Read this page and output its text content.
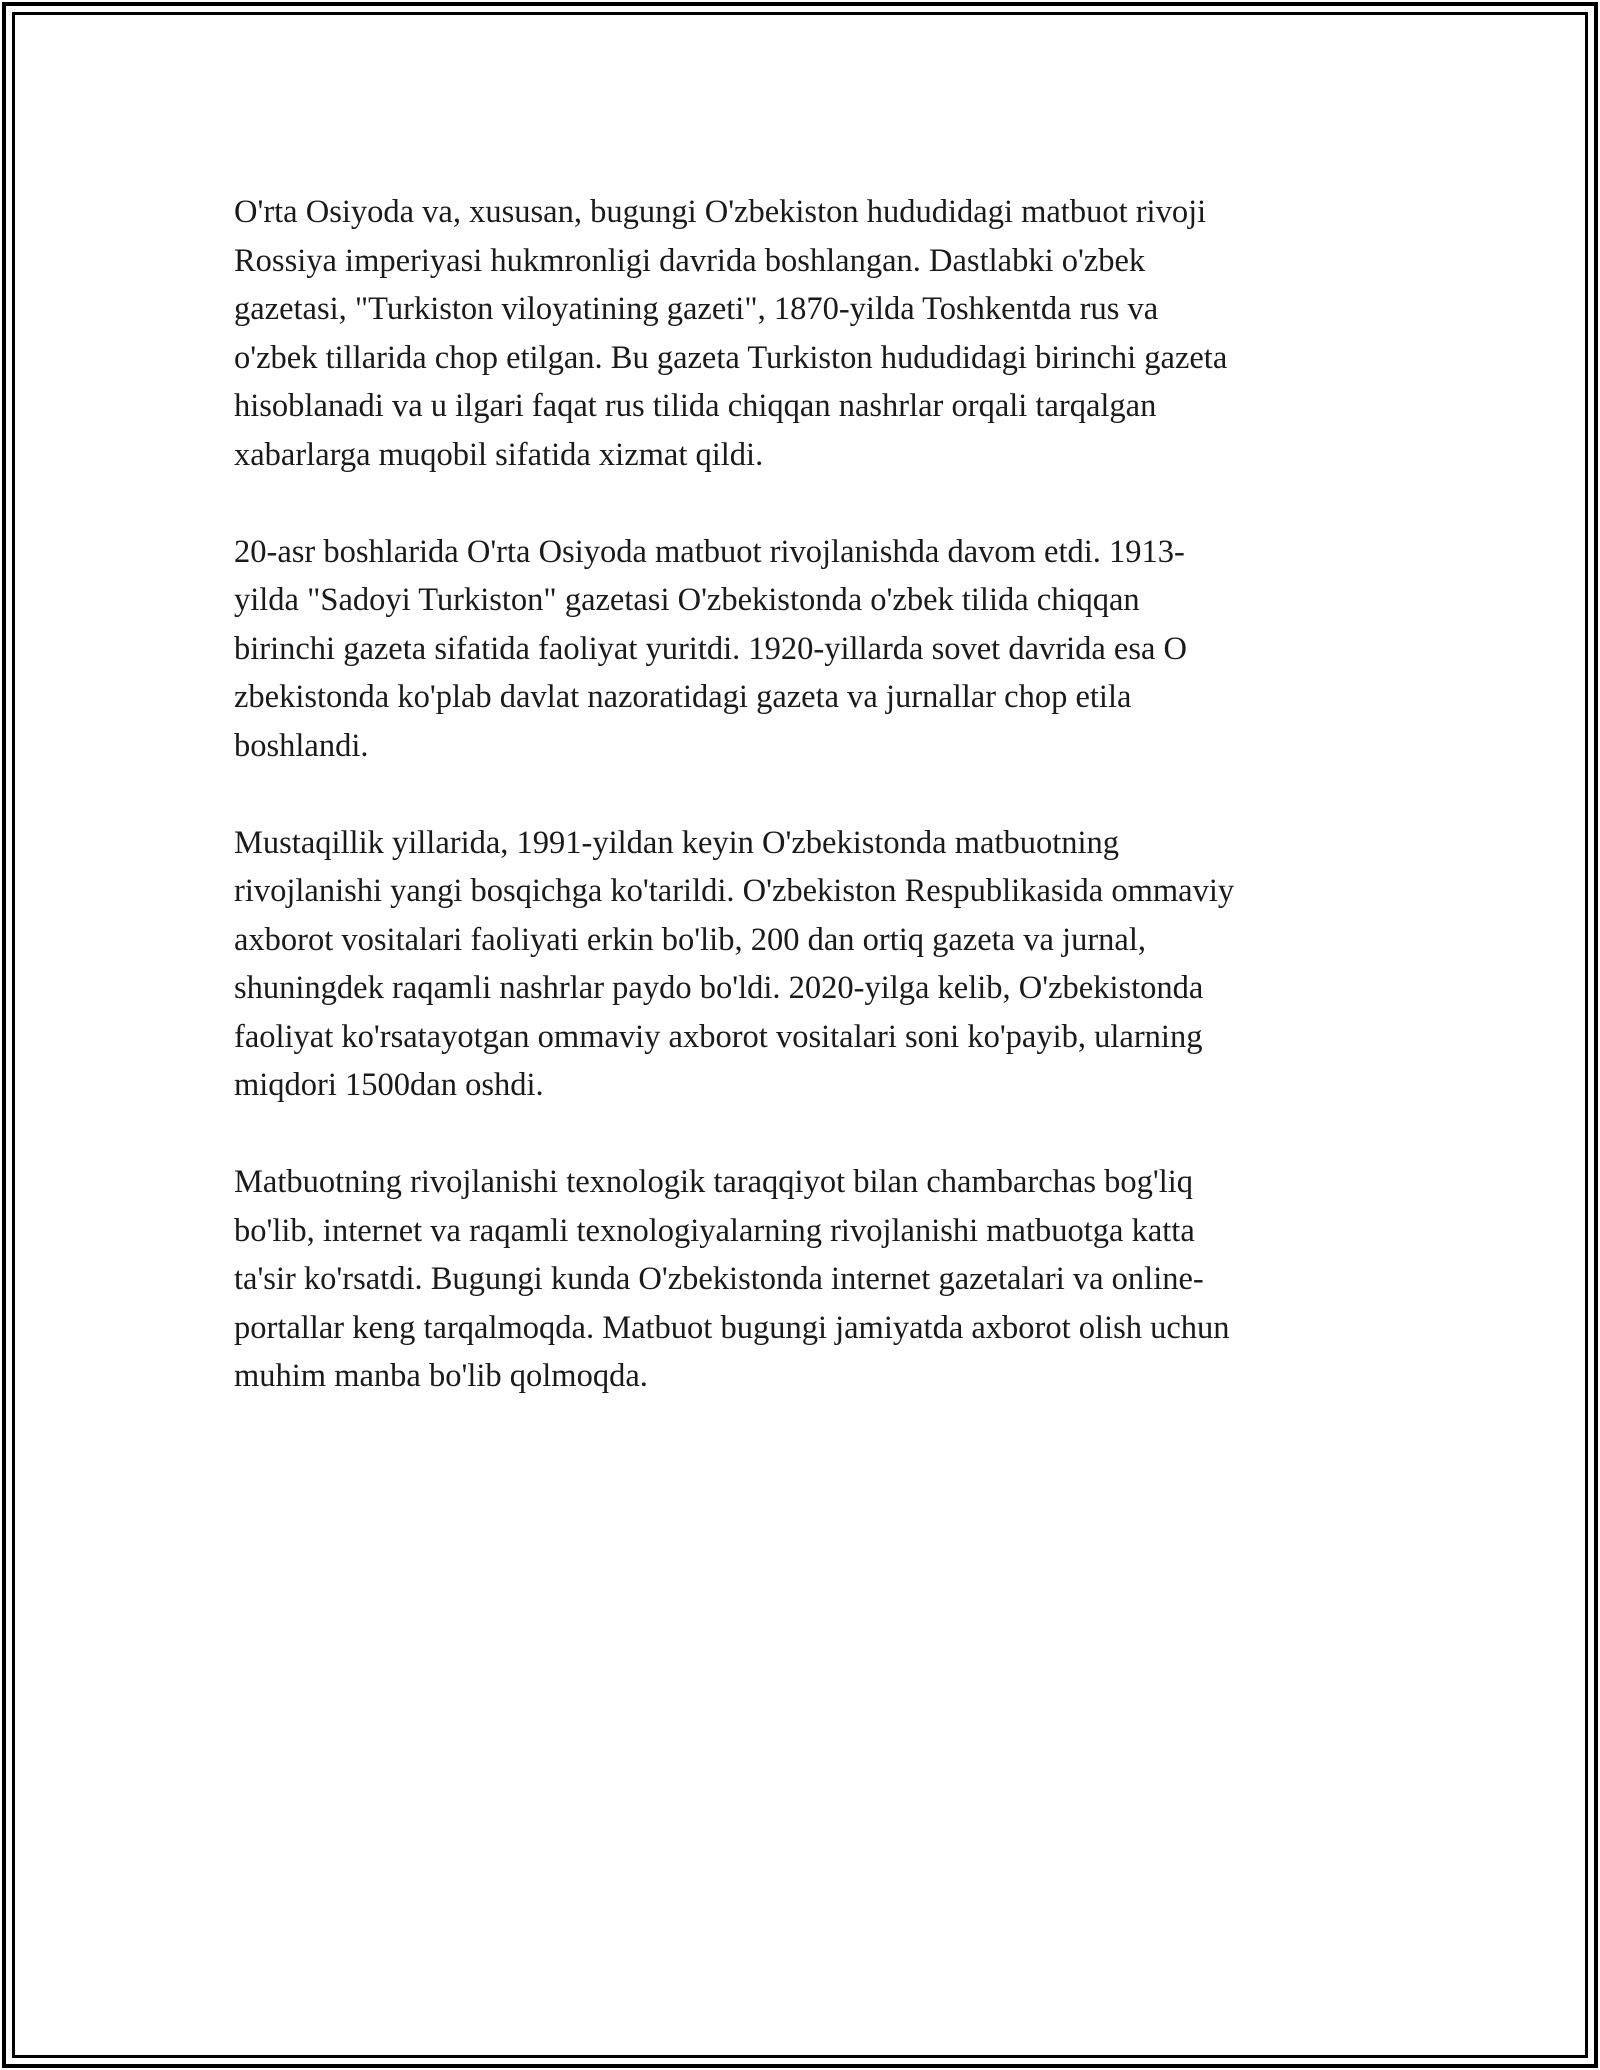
O'rta Osiyoda va, xususan, bugungi O'zbekiston hududidagi matbuot rivoji
Rossiya imperiyasi hukmronligi davrida boshlangan. Dastlabki o'zbek
gazetasi, "Turkiston viloyatining gazeti", 1870-yilda Toshkentda rus va
o'zbek tillarida chop etilgan. Bu gazeta Turkiston hududidagi birinchi gazeta
hisoblanadi va u ilgari faqat rus tilida chiqqan nashrlar orqali tarqalgan
xabarlarga muqobil sifatida xizmat qildi.

20-asr boshlarida O'rta Osiyoda matbuot rivojlanishda davom etdi. 1913-
yilda "Sadoyi Turkiston" gazetasi O'zbekistonda o'zbek tilida chiqqan
birinchi gazeta sifatida faoliyat yuritdi. 1920-yillarda sovet davrida esa O
zbekistonda ko'plab davlat nazoratidagi gazeta va jurnallar chop etila
boshlandi.

Mustaqillik yillarida, 1991-yildan keyin O'zbekistonda matbuotning
rivojlanishi yangi bosqichga ko'tarildi. O'zbekiston Respublikasida ommaviy
axborot vositalari faoliyati erkin bo'lib, 200 dan ortiq gazeta va jurnal,
shuningdek raqamli nashrlar paydo bo'ldi. 2020-yilga kelib, O'zbekistonda
faoliyat ko'rsatayotgan ommaviy axborot vositalari soni ko'payib, ularning
miqdori 1500dan oshdi.

Matbuotning rivojlanishi texnologik taraqqiyot bilan chambarchas bog'liq
bo'lib, internet va raqamli texnologiyalarning rivojlanishi matbuotga katta
ta'sir ko'rsatdi. Bugungi kunda O'zbekistonda internet gazetalari va online-
portallar keng tarqalmoqda. Matbuot bugungi jamiyatda axborot olish uchun
muhim manba bo'lib qolmoqda.
